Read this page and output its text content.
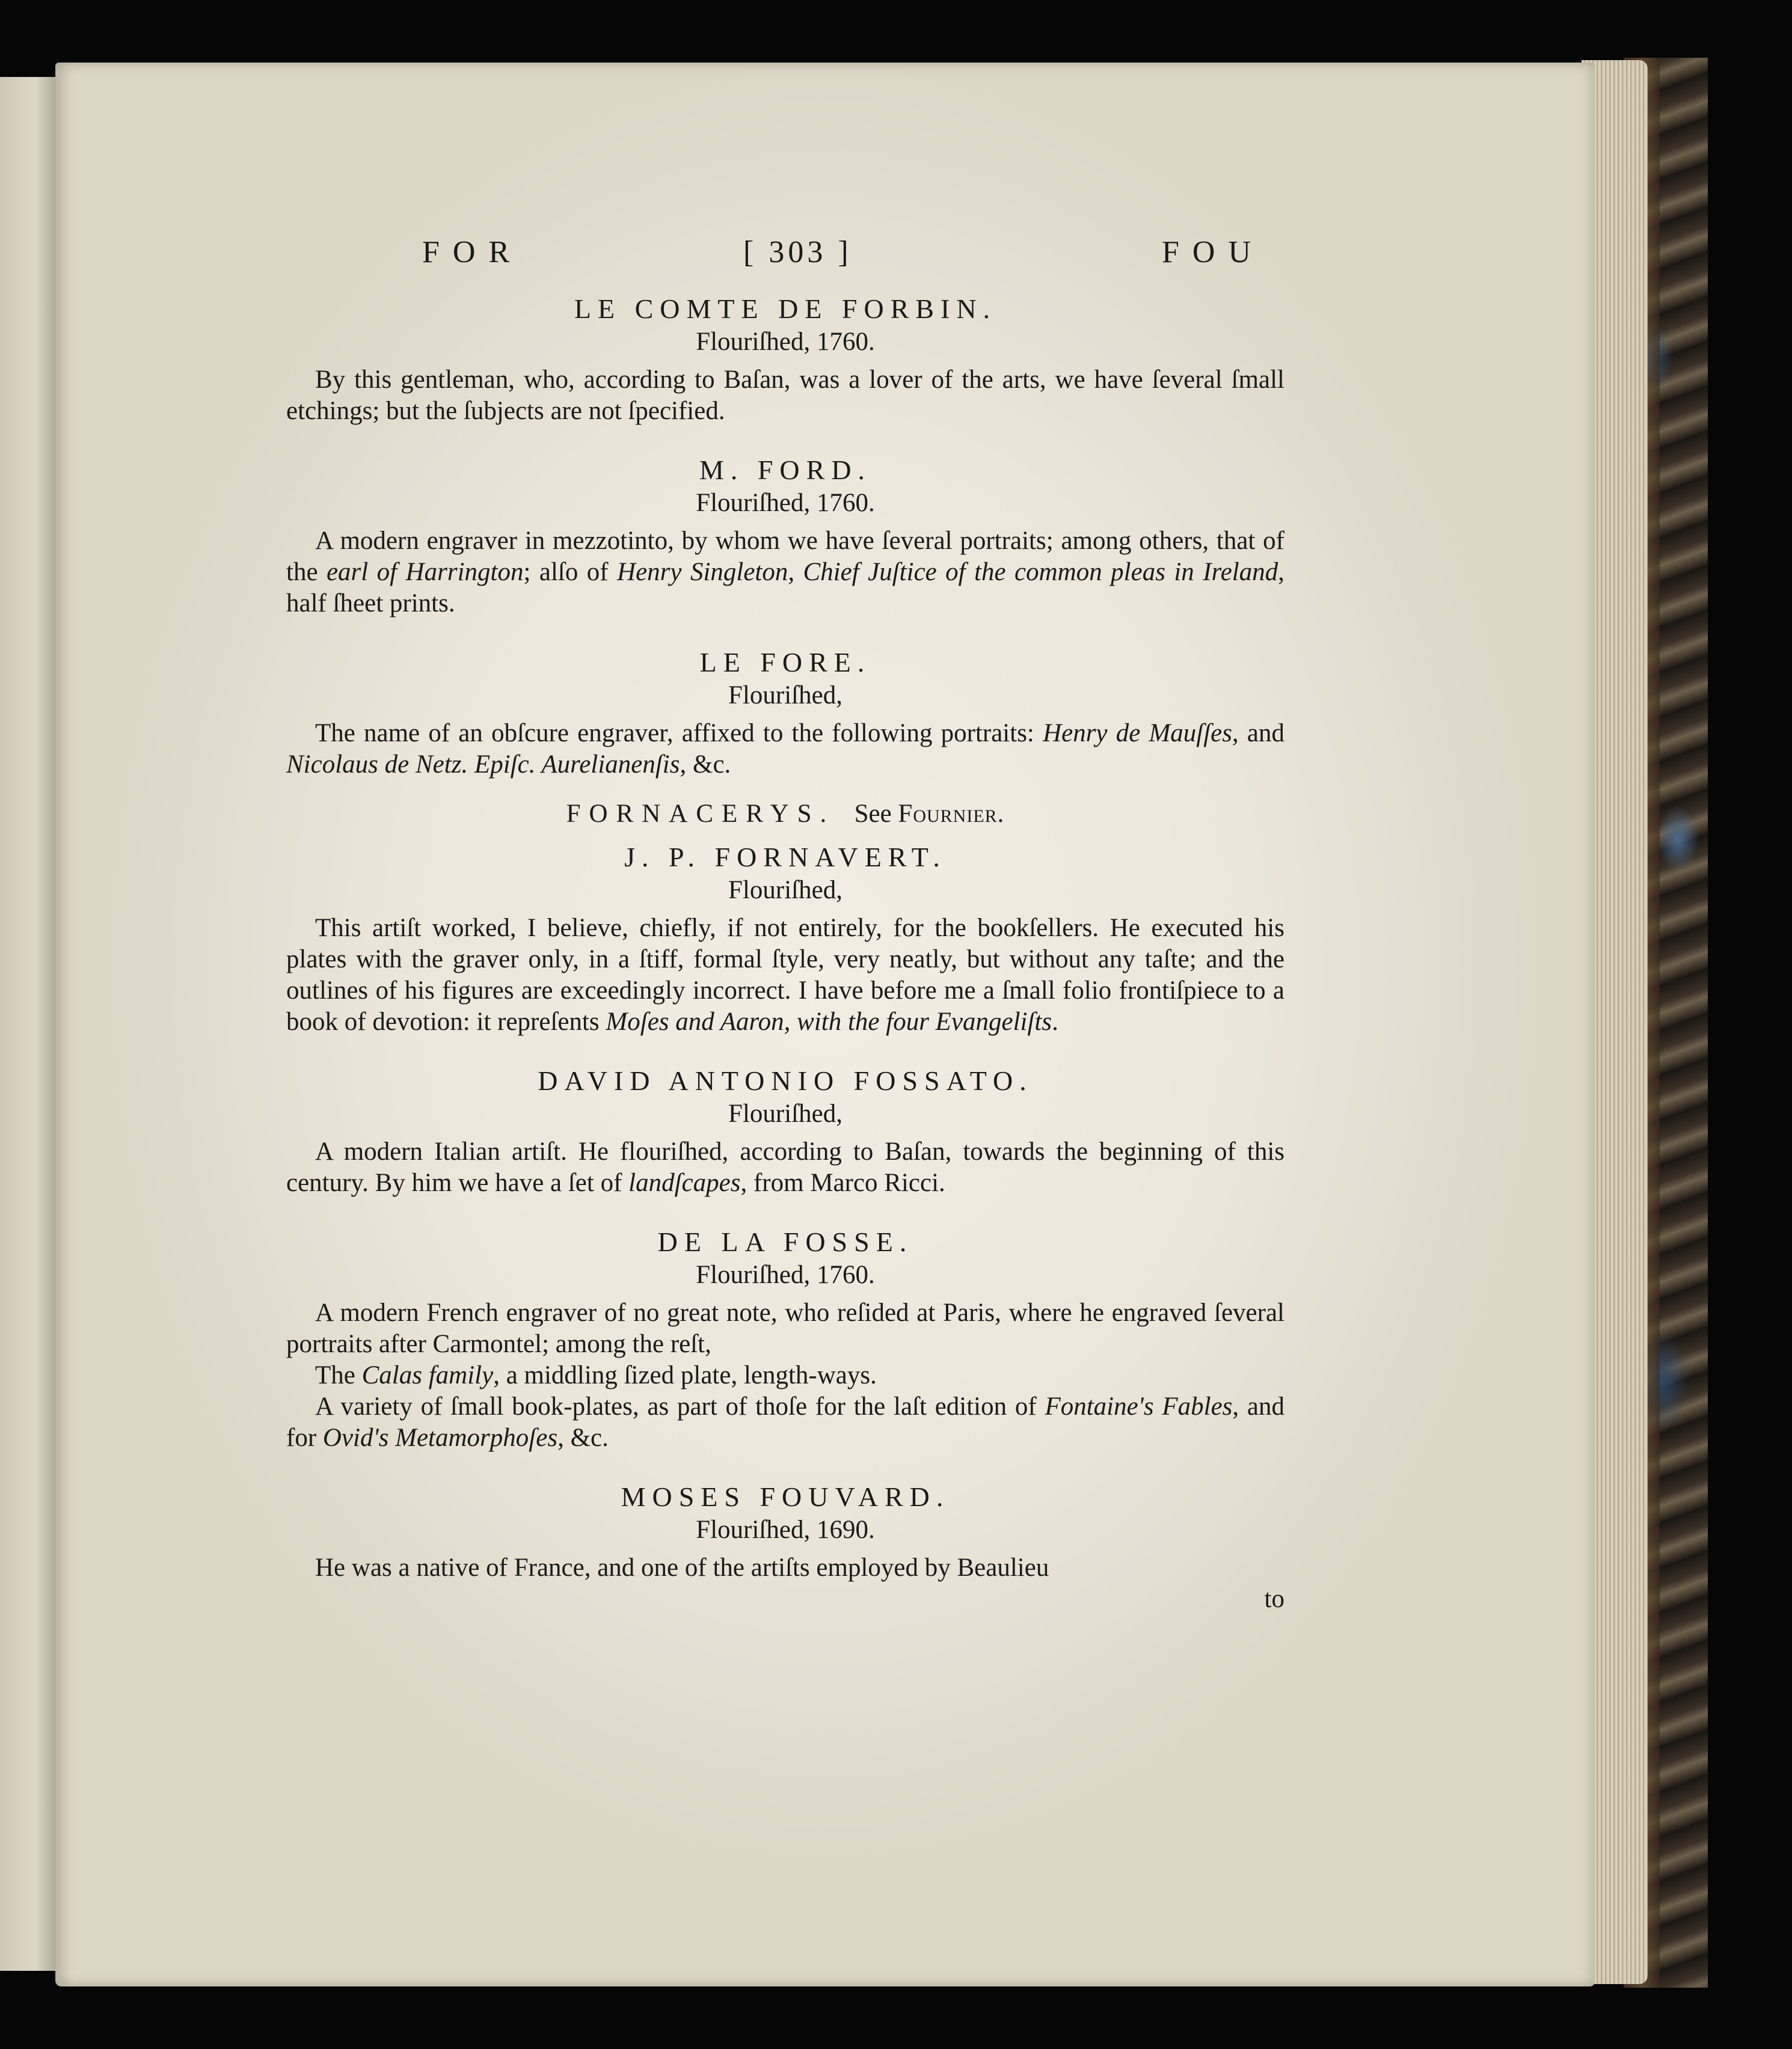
FOR	[ 303 ]	FOU
LE COMTE DE FORBIN.
Flouriſhed, 1760.

By this gentleman, who, according to Baſan, was a lover of the arts, we have ſeveral ſmall etchings; but the ſubjects are not ſpecified.

M. FORD.
Flouriſhed, 1760.

A modern engraver in mezzotinto, by whom we have ſeveral portraits; among others, that of the earl of Harrington; alſo of Henry Singleton, Chief Juſtice of the common pleas in Ireland, half ſheet prints.

LE FORE.
Flouriſhed,

The name of an obſcure engraver, affixed to the following portraits: Henry de Mauſſes, and Nicolaus de Netz. Epiſc. Aurelianenſis, &c.

FORNACERYS. See Fournier.
J. P. FORNAVERT.
Flouriſhed,

This artiſt worked, I believe, chiefly, if not entirely, for the bookſellers. He executed his plates with the graver only, in a ſtiff, formal ſtyle, very neatly, but without any taſte; and the outlines of his figures are exceedingly incorrect. I have before me a ſmall folio frontiſpiece to a book of devotion: it repreſents Moſes and Aaron, with the four Evangeliſts.

DAVID ANTONIO FOSSATO.
Flouriſhed,

A modern Italian artiſt. He flouriſhed, according to Baſan, towards the beginning of this century. By him we have a ſet of landſcapes, from Marco Ricci.

DE LA FOSSE.
Flouriſhed, 1760.

A modern French engraver of no great note, who reſided at Paris, where he engraved ſeveral portraits after Carmontel; among the reſt,

The Calas family, a middling ſized plate, length-ways.

A variety of ſmall book-plates, as part of thoſe for the laſt edition of Fontaine's Fables, and for Ovid's Metamorphoſes, &c.

MOSES FOUVARD.
Flouriſhed, 1690.

He was a native of France, and one of the artiſts employed by Beaulieu

to
